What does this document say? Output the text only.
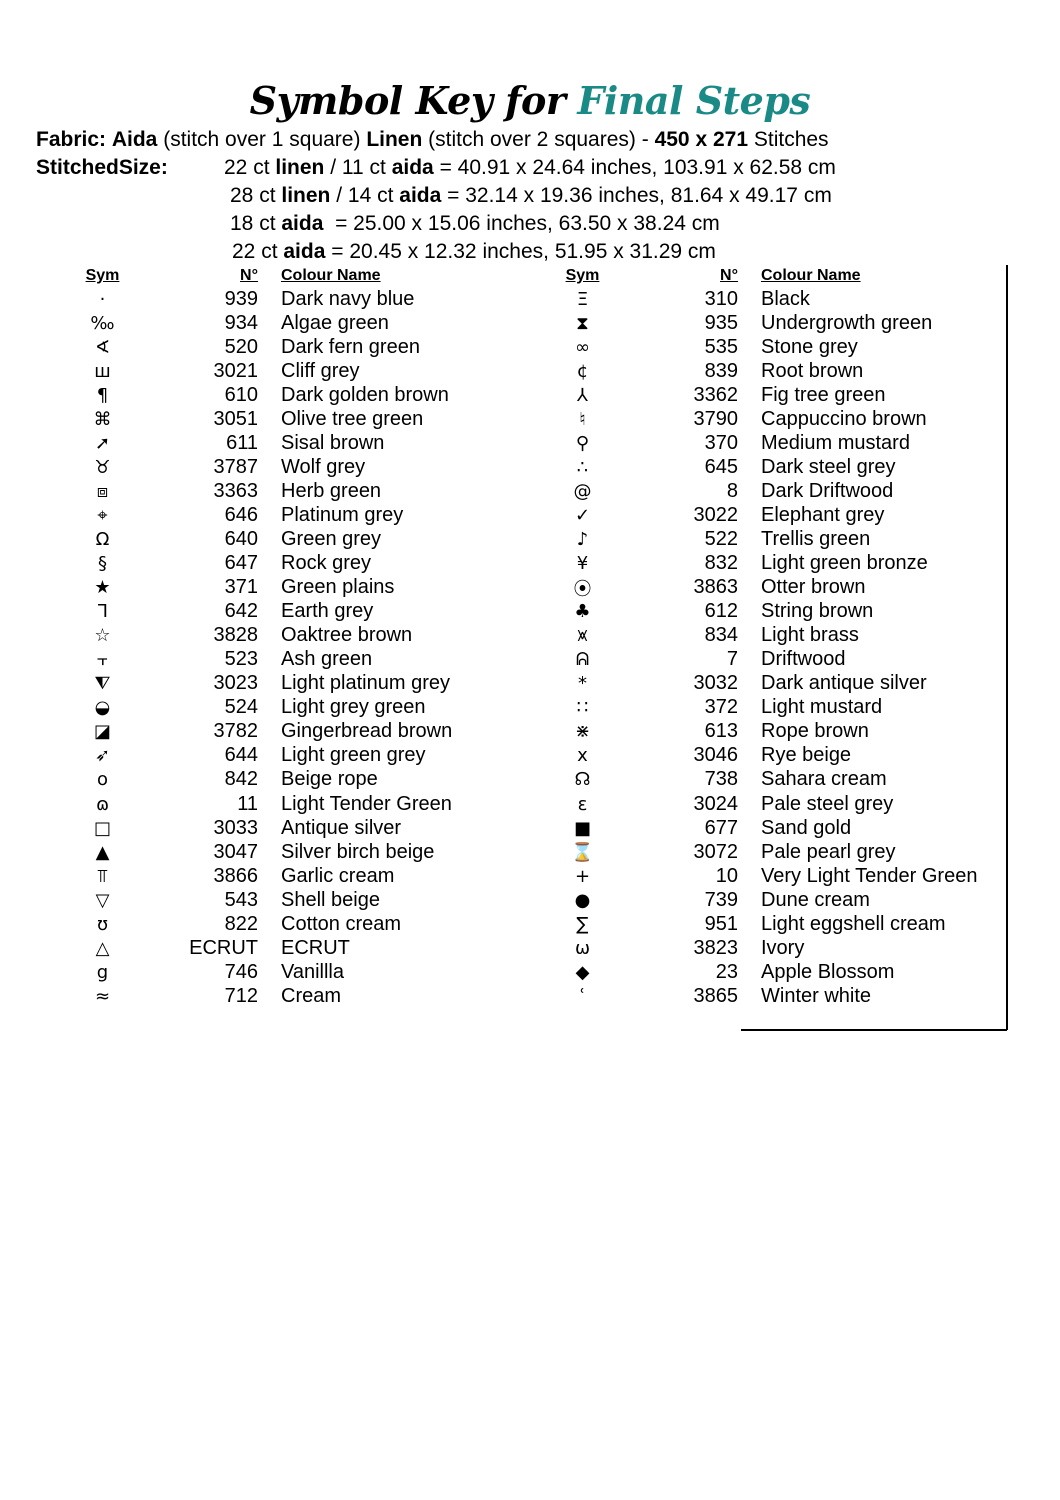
Symbol Key for Final Steps
Fabric: Aida (stitch over 1 square) Linen (stitch over 2 squares) - 450 x 271 Stitches
StitchedSize:	22 ct linen / 11 ct aida = 40.91 x 24.64 inches, 103.91 x 62.58 cm
28 ct linen / 14 ct aida = 32.14 x 19.36 inches, 81.64 x 49.17 cm
18 ct aida  = 25.00 x 15.06 inches, 63.50 x 38.24 cm
22 ct aida = 20.45 x 12.32 inches, 51.95 x 31.29 cm
Sym	N°	Colour Name
·	939	Dark navy blue
‰	934	Algae green
∢	520	Dark fern green
ш	3021	Cliff grey
¶	610	Dark golden brown
⌘	3051	Olive tree green
➚	611	Sisal brown
♉	3787	Wolf grey
⧈	3363	Herb green
⌖	646	Platinum grey
Ω	640	Green grey
§	647	Rock grey
★	371	Green plains
ᒣ	642	Earth grey
☆	3828	Oaktree brown
⫟	523	Ash green
⧨	3023	Light platinum grey
◒	524	Light grey green
◪	3782	Gingerbread brown
➶	644	Light green grey
o	842	Beige rope
ɷ	11	Light Tender Green
□	3033	Antique silver
▲	3047	Silver birch beige
⫪	3866	Garlic cream
▽	543	Shell beige
ʊ	822	Cotton cream
△	ECRUT	ECRUT
g	746	Vanillla
≈	712	Cream
Sym	N°	Colour Name
Ξ	310	Black
⧗	935	Undergrowth green
∞	535	Stone grey
¢	839	Root brown
⅄	3362	Fig tree green
♮	3790	Cappuccino brown
⚲	370	Medium mustard
∴	645	Dark steel grey
@	8	Dark Driftwood
✓	3022	Elephant grey
♪	522	Trellis green
¥	832	Light green bronze
⦿	3863	Otter brown
♣	612	String brown
⩙	834	Light brass
ᕱ	7	Driftwood
*	3032	Dark antique silver
∷	372	Light mustard
⋇	613	Rope brown
x	3046	Rye beige
☊	738	Sahara cream
ɛ	3024	Pale steel grey
■	677	Sand gold
⌛	3072	Pale pearl grey
+	10	Very Light Tender Green
●	739	Dune cream
∑	951	Light eggshell cream
ω	3823	Ivory
◆	23	Apple Blossom
ʿ	3865	Winter white
